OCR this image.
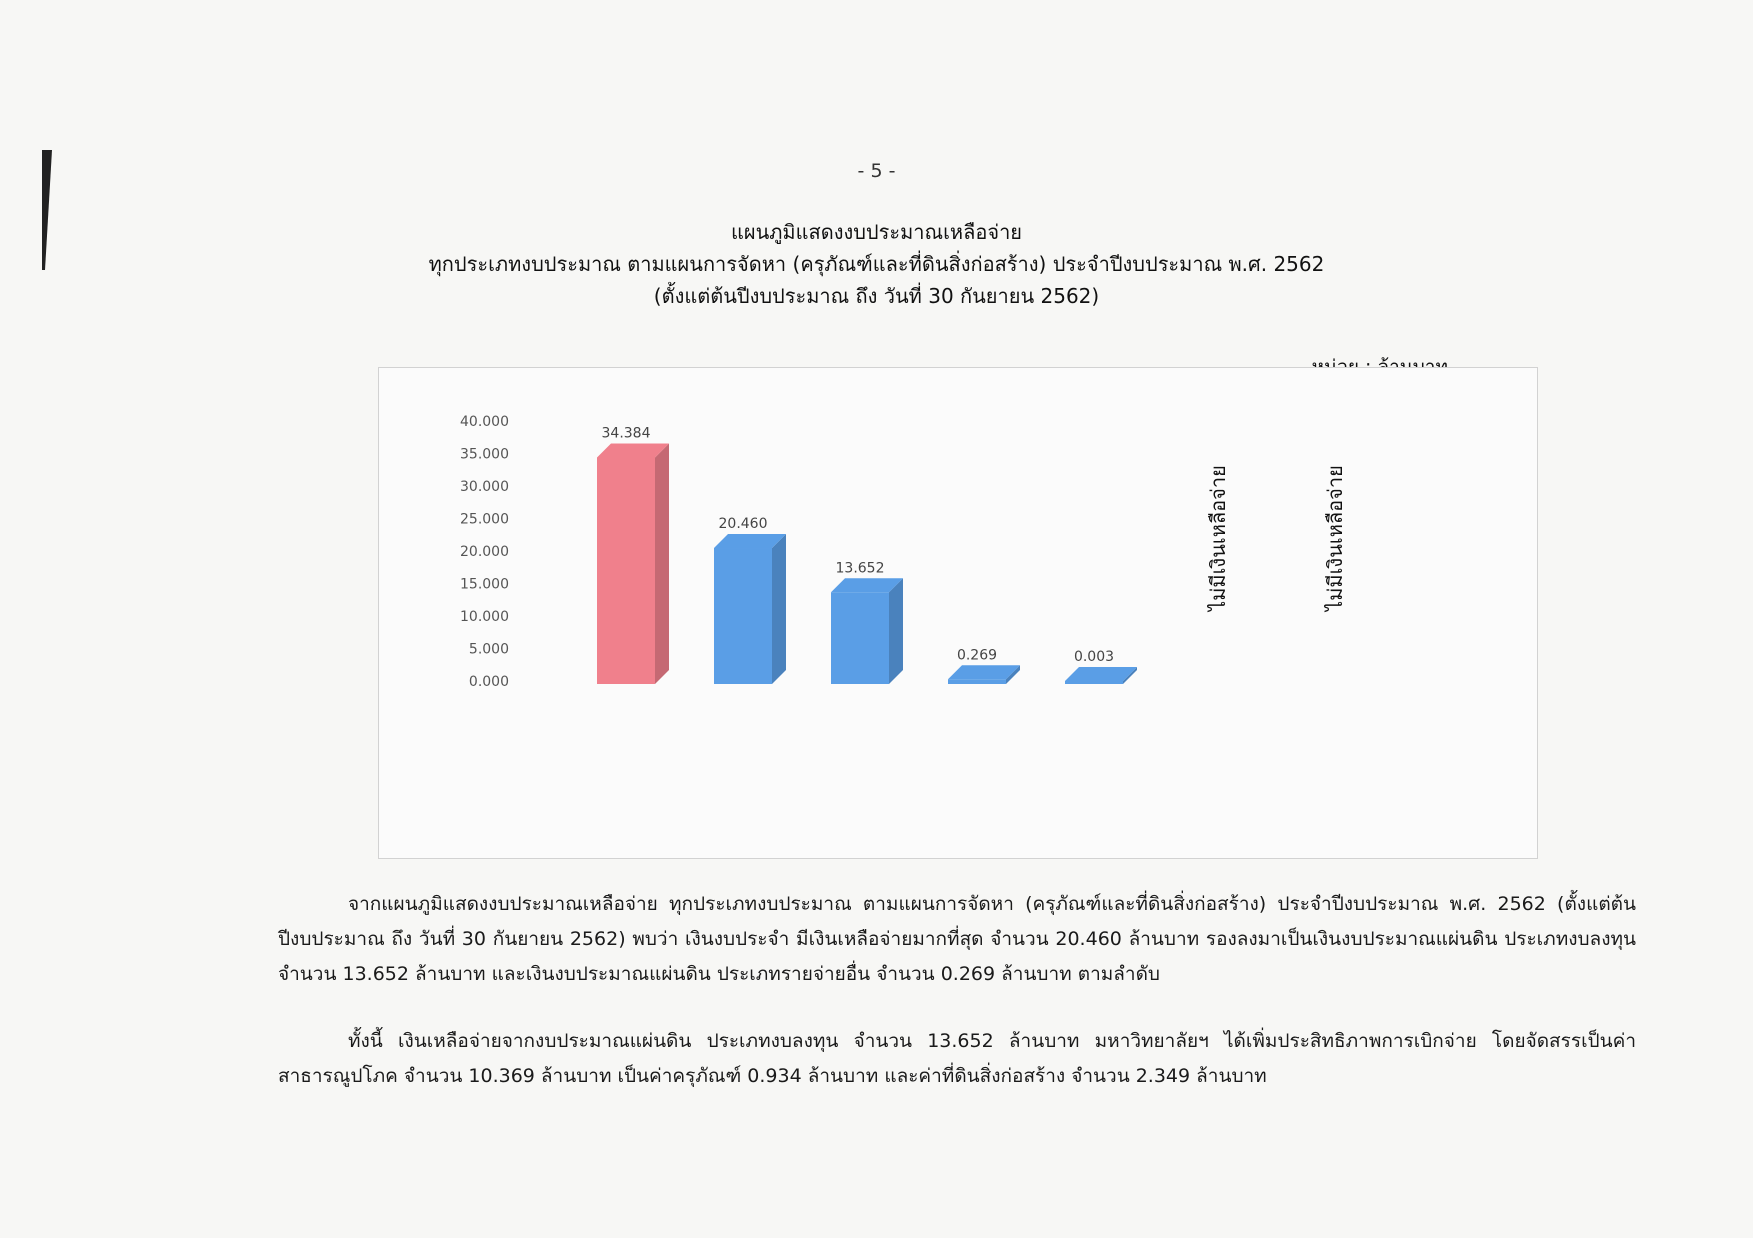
- 5 -
แผนภูมิแสดงงบประมาณเหลือจ่าย
ทุกประเภทงบประมาณ ตามแผนการจัดหา (ครุภัณฑ์และที่ดินสิ่งก่อสร้าง) ประจำปีงบประมาณ พ.ศ. 2562
(ตั้งแต่ต้นปีงบประมาณ ถึง วันที่ 30 กันยายน 2562)
40.000
35.000
30.000
25.000
20.000
15.000
10.000
5.000
0.000
34.384
20.460
13.652
0.269	0.003
ไม่มีเงินเหลือจ่าย	ไม่มีเงินเหลือจ่าย
จากแผนภูมิแสดงงบประมาณเหลือจ่าย ทุกประเภทงบประมาณ ตามแผนการจัดหา (ครุภัณฑ์และที่ดินสิ่งก่อสร้าง) ประจำปีงบประมาณ พ.ศ. 2562 (ตั้งแต่ต้นปีงบประมาณ ถึง วันที่ 30 กันยายน 2562) พบว่า เงินงบประจำ มีเงินเหลือจ่ายมากที่สุด จำนวน 20.460 ล้านบาท รองลงมาเป็นเงินงบประมาณแผ่นดิน ประเภทงบลงทุน จำนวน 13.652 ล้านบาท และเงินงบประมาณแผ่นดิน ประเภทรายจ่ายอื่น จำนวน 0.269 ล้านบาท ตามลำดับ
ทั้งนี้ เงินเหลือจ่ายจากงบประมาณแผ่นดิน ประเภทงบลงทุน จำนวน 13.652 ล้านบาท มหาวิทยาลัยฯ ได้เพิ่มประสิทธิภาพการเบิกจ่าย โดยจัดสรรเป็นค่าสาธารณูปโภค จำนวน 10.369 ล้านบาท เป็นค่าครุภัณฑ์ 0.934 ล้านบาท และค่าที่ดินสิ่งก่อสร้าง จำนวน 2.349 ล้านบาท
